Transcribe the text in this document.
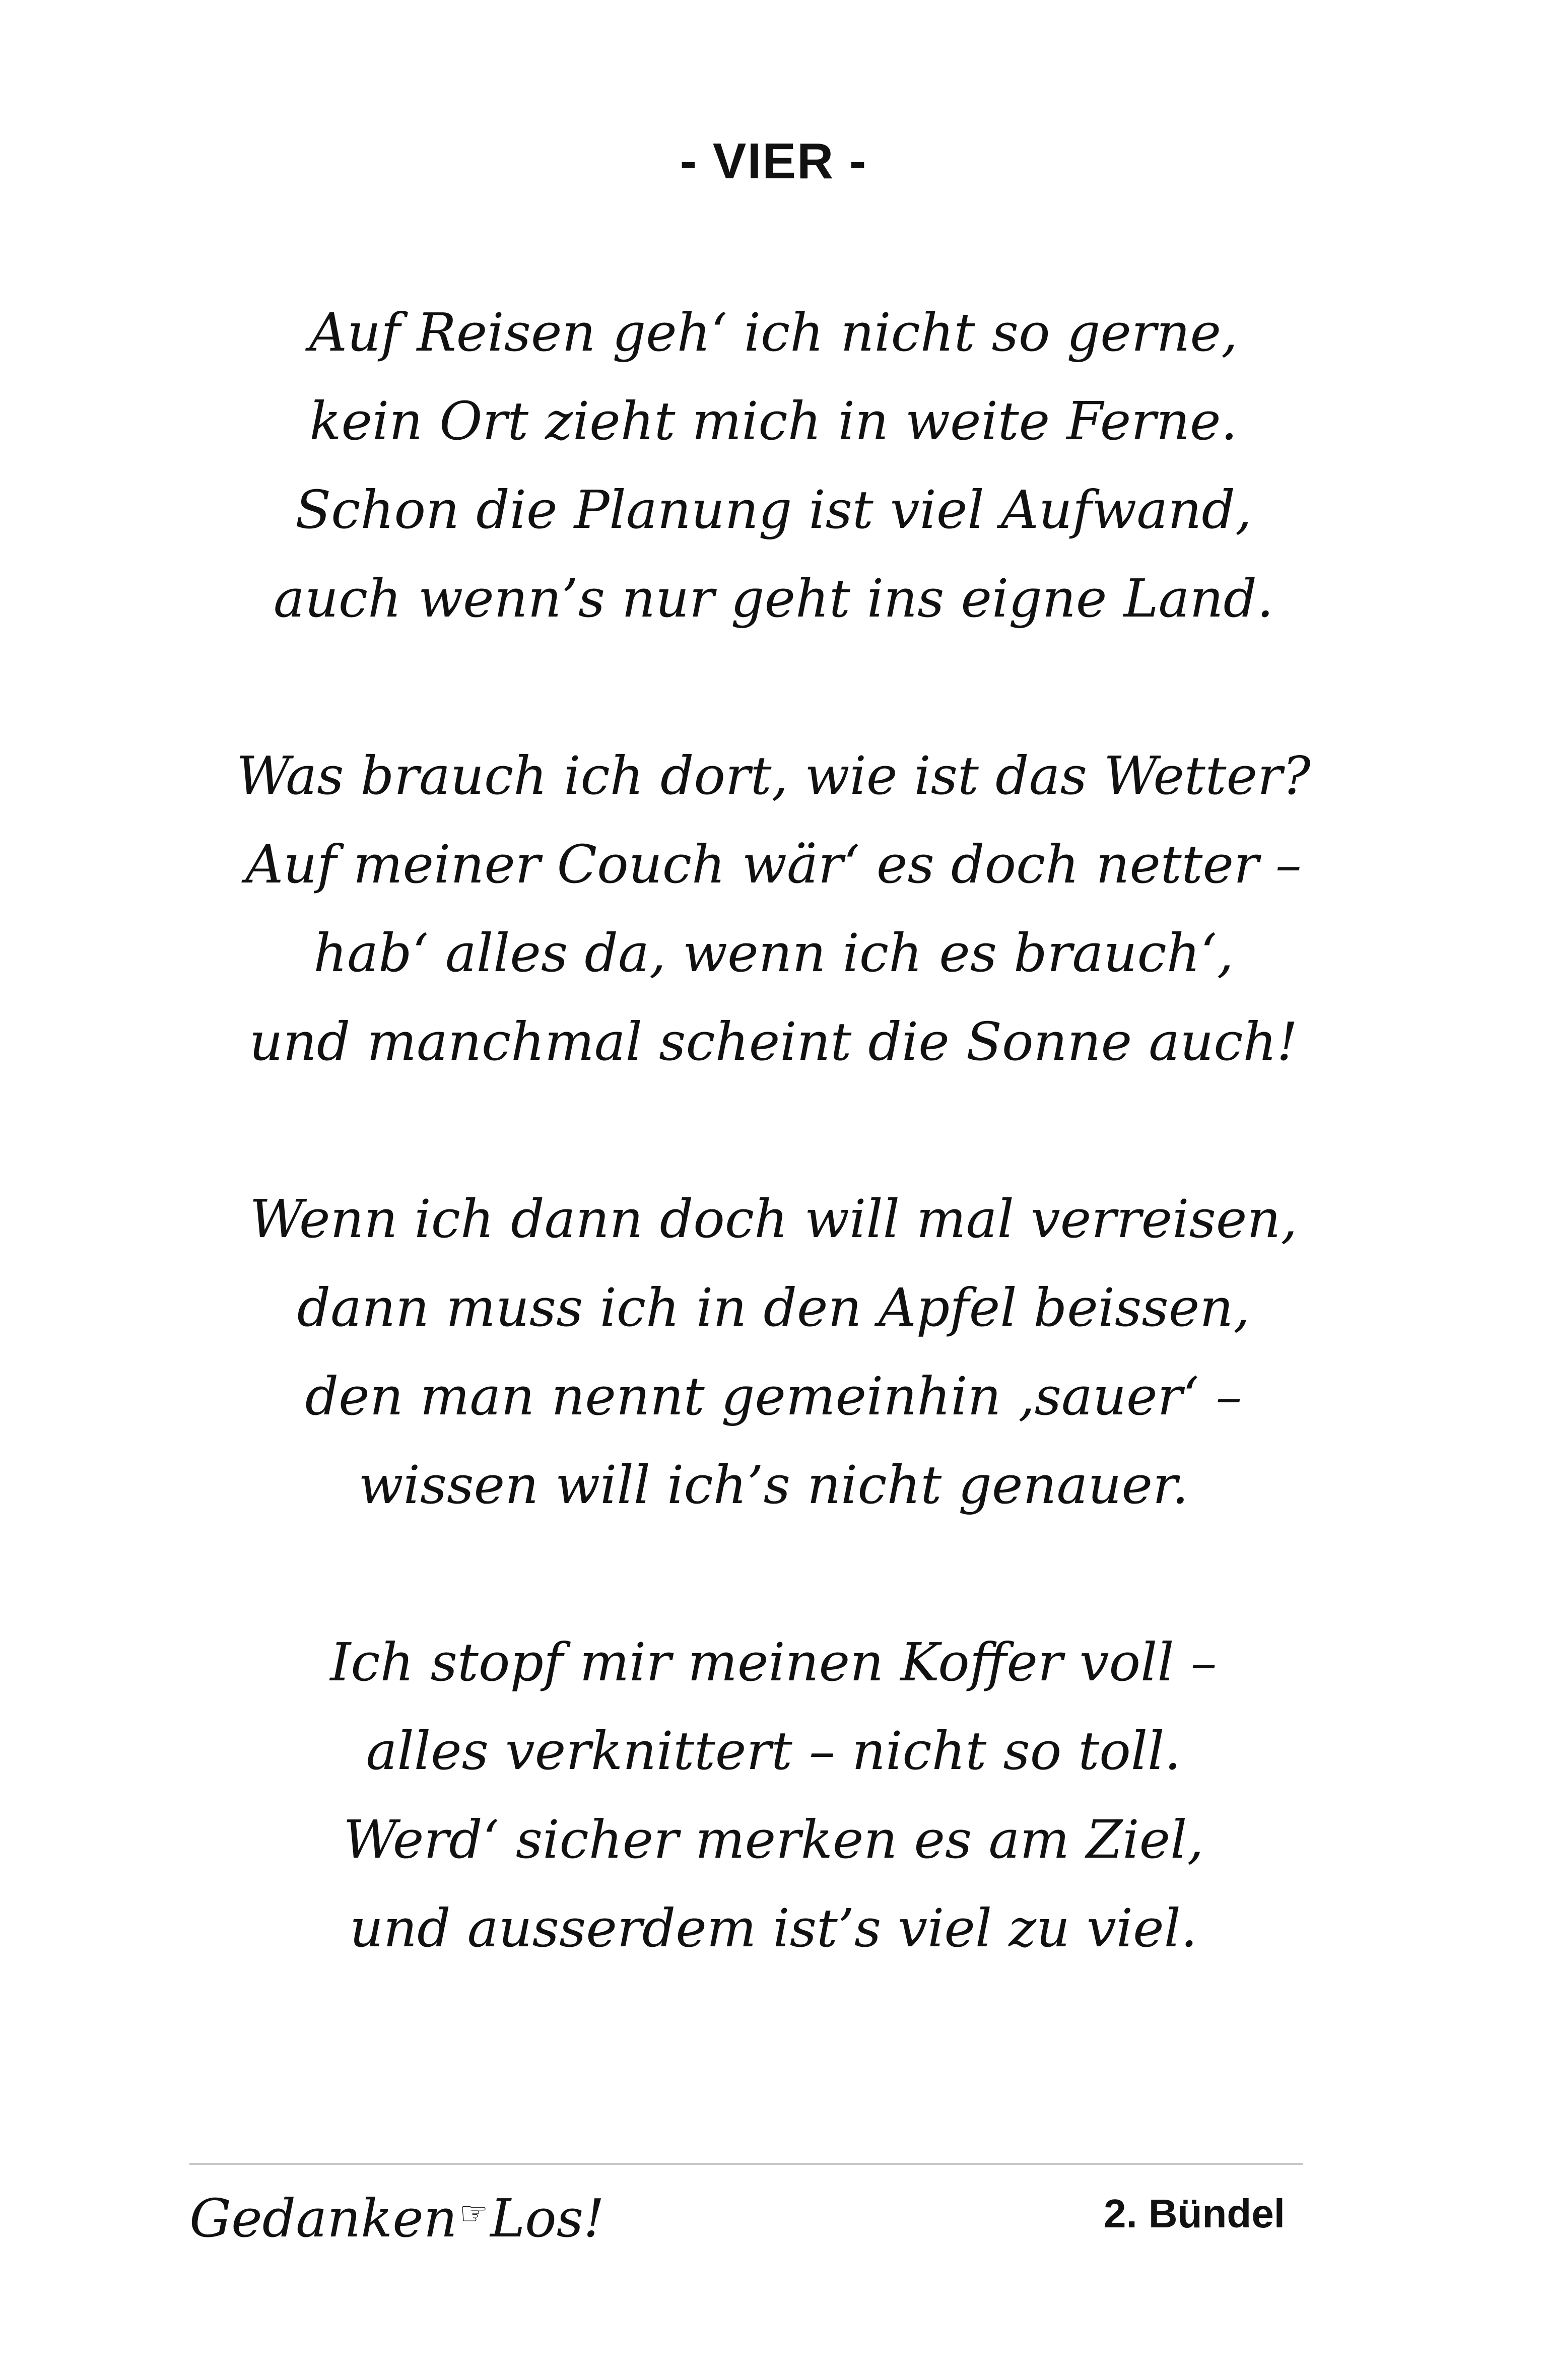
- VIER -
Auf Reisen geh‘ ich nicht so gerne,
kein Ort zieht mich in weite Ferne.
Schon die Planung ist viel Aufwand,
auch wenn’s nur geht ins eigne Land.
Was brauch ich dort, wie ist das Wetter?
Auf meiner Couch wär‘ es doch netter –
hab‘ alles da, wenn ich es brauch‘,
und manchmal scheint die Sonne auch!
Wenn ich dann doch will mal verreisen,
dann muss ich in den Apfel beissen,
den man nennt gemeinhin ‚sauer‘ –
wissen will ich’s nicht genauer.
Ich stopf mir meinen Koffer voll –
alles verknittert – nicht so toll.
Werd‘ sicher merken es am Ziel,
und ausserdem ist’s viel zu viel.
Gedanken☞Los!	2. Bündel
